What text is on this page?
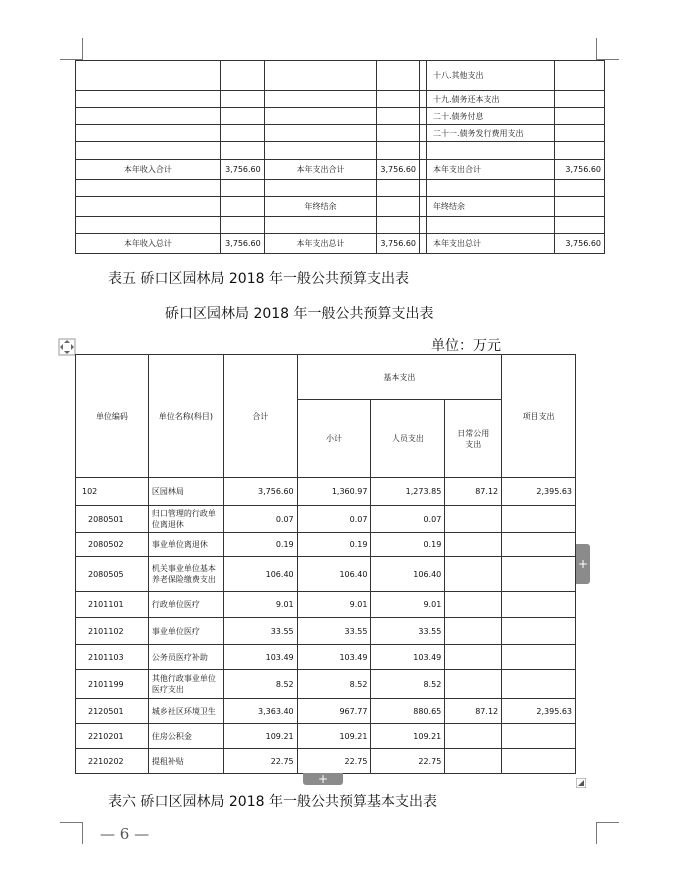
					十八.其他支出	
					十九.债务还本支出	
					二十.债务付息	
					二十一.债务发行费用支出	

本年收入合计	3,756.60	本年支出合计	3,756.60		本年支出合计	3,756.60

		年终结余			年终结余	

本年收入总计	3,756.60	本年支出总计	3,756.60		本年支出总计	3,756.60
表五 硚口区园林局 2018 年一般公共预算支出表
硚口区园林局 2018 年一般公共预算支出表
单位：万元
单位编码	单位名称(科目)	合计	基本支出			项目支出
			小计	人员支出	日常公用支出	
102	区园林局	3,756.60	1,360.97	1,273.85	87.12	2,395.63
2080501	归口管理的行政单位离退休	0.07	0.07	0.07		
2080502	事业单位离退休	0.19	0.19	0.19		
2080505	机关事业单位基本养老保险缴费支出	106.40	106.40	106.40		
2101101	行政单位医疗	9.01	9.01	9.01		
2101102	事业单位医疗	33.55	33.55	33.55		
2101103	公务员医疗补助	103.49	103.49	103.49		
2101199	其他行政事业单位医疗支出	8.52	8.52	8.52		
2120501	城乡社区环境卫生	3,363.40	967.77	880.65	87.12	2,395.63
2210201	住房公积金	109.21	109.21	109.21		
2210202	提租补贴	22.75	22.75	22.75		
+
+
表六 硚口区园林局 2018 年一般公共预算基本支出表
— 6 —
